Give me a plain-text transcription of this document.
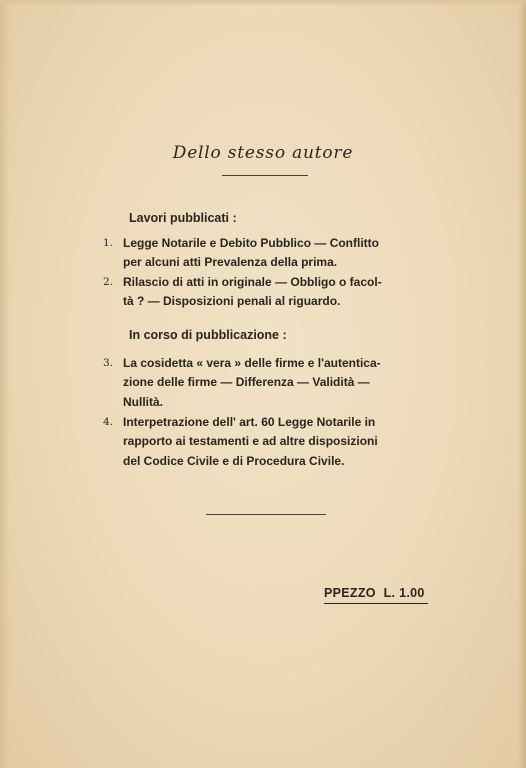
Dello stesso autore
Lavori pubblicati :
1. Legge Notarile e Debito Pubblico — Conflitto
per alcuni atti Prevalenza della prima.
2. Rilascio di atti in originale — Obbligo o facol-
tà ? — Disposizioni penali al riguardo.
In corso di pubblicazione :
3. La cosidetta « vera » delle firme e l'autentica-
zione delle firme — Differenza — Validità —
Nullità.
4. Interpetrazione dell' art. 60 Legge Notarile in
rapporto ai testamenti e ad altre disposizioni
del Codice Civile e di Procedura Civile.
PPEZZO L. 1.00
